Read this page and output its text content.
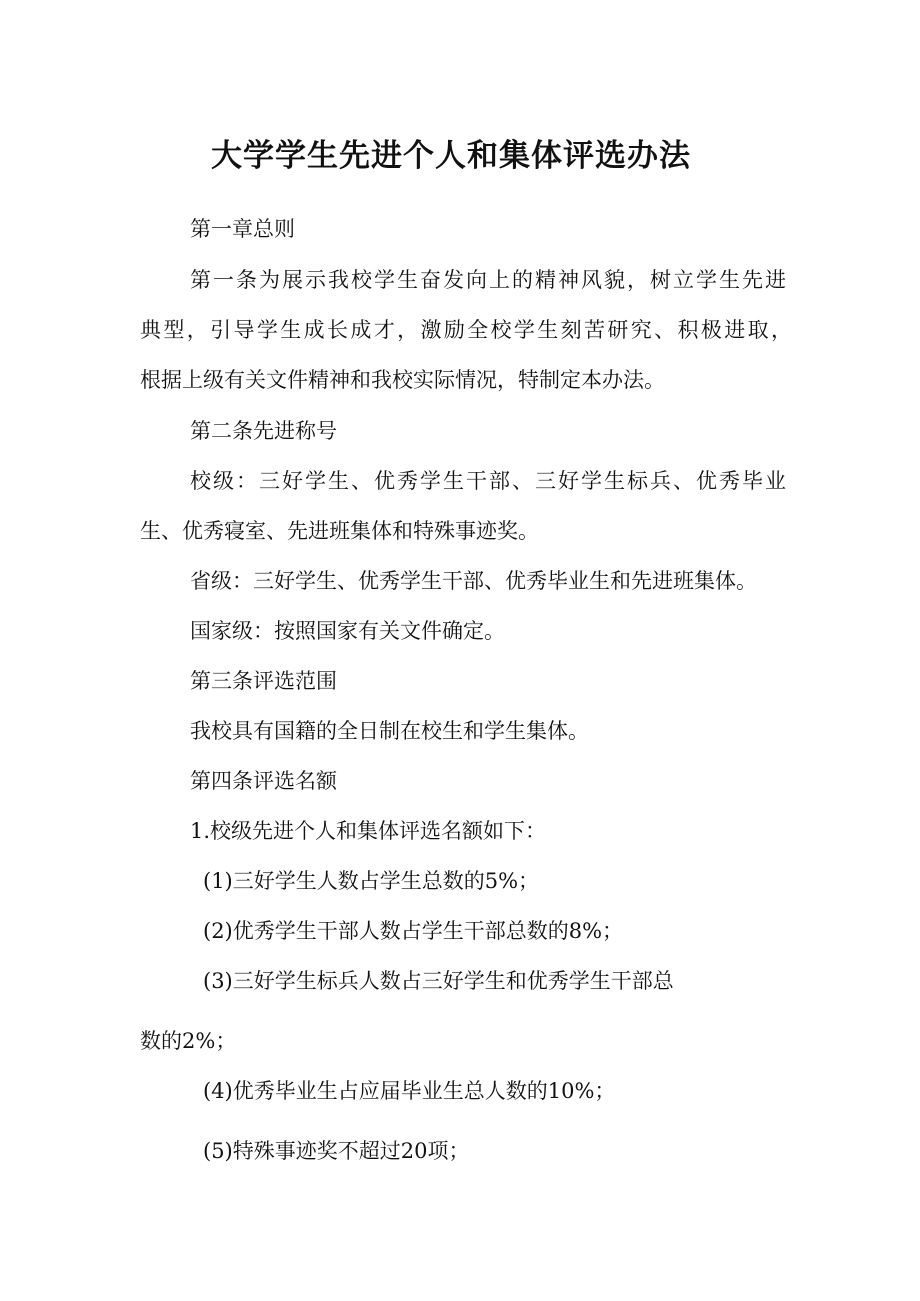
大学学生先进个人和集体评选办法

第一章总则

第一条为展示我校学生奋发向上的精神风貌，树立学生先进

典型，引导学生成长成才，激励全校学生刻苦研究、积极进取，

根据上级有关文件精神和我校实际情况，特制定本办法。

第二条先进称号

校级：三好学生、优秀学生干部、三好学生标兵、优秀毕业

生、优秀寝室、先进班集体和特殊事迹奖。

省级：三好学生、优秀学生干部、优秀毕业生和先进班集体。

国家级：按照国家有关文件确定。

第三条评选范围

我校具有国籍的全日制在校生和学生集体。

第四条评选名额

1.校级先进个人和集体评选名额如下：

(1)三好学生人数占学生总数的5%；

(2)优秀学生干部人数占学生干部总数的8%；

(3)三好学生标兵人数占三好学生和优秀学生干部总

数的2%；

(4)优秀毕业生占应届毕业生总人数的10%；

(5)特殊事迹奖不超过20项；
